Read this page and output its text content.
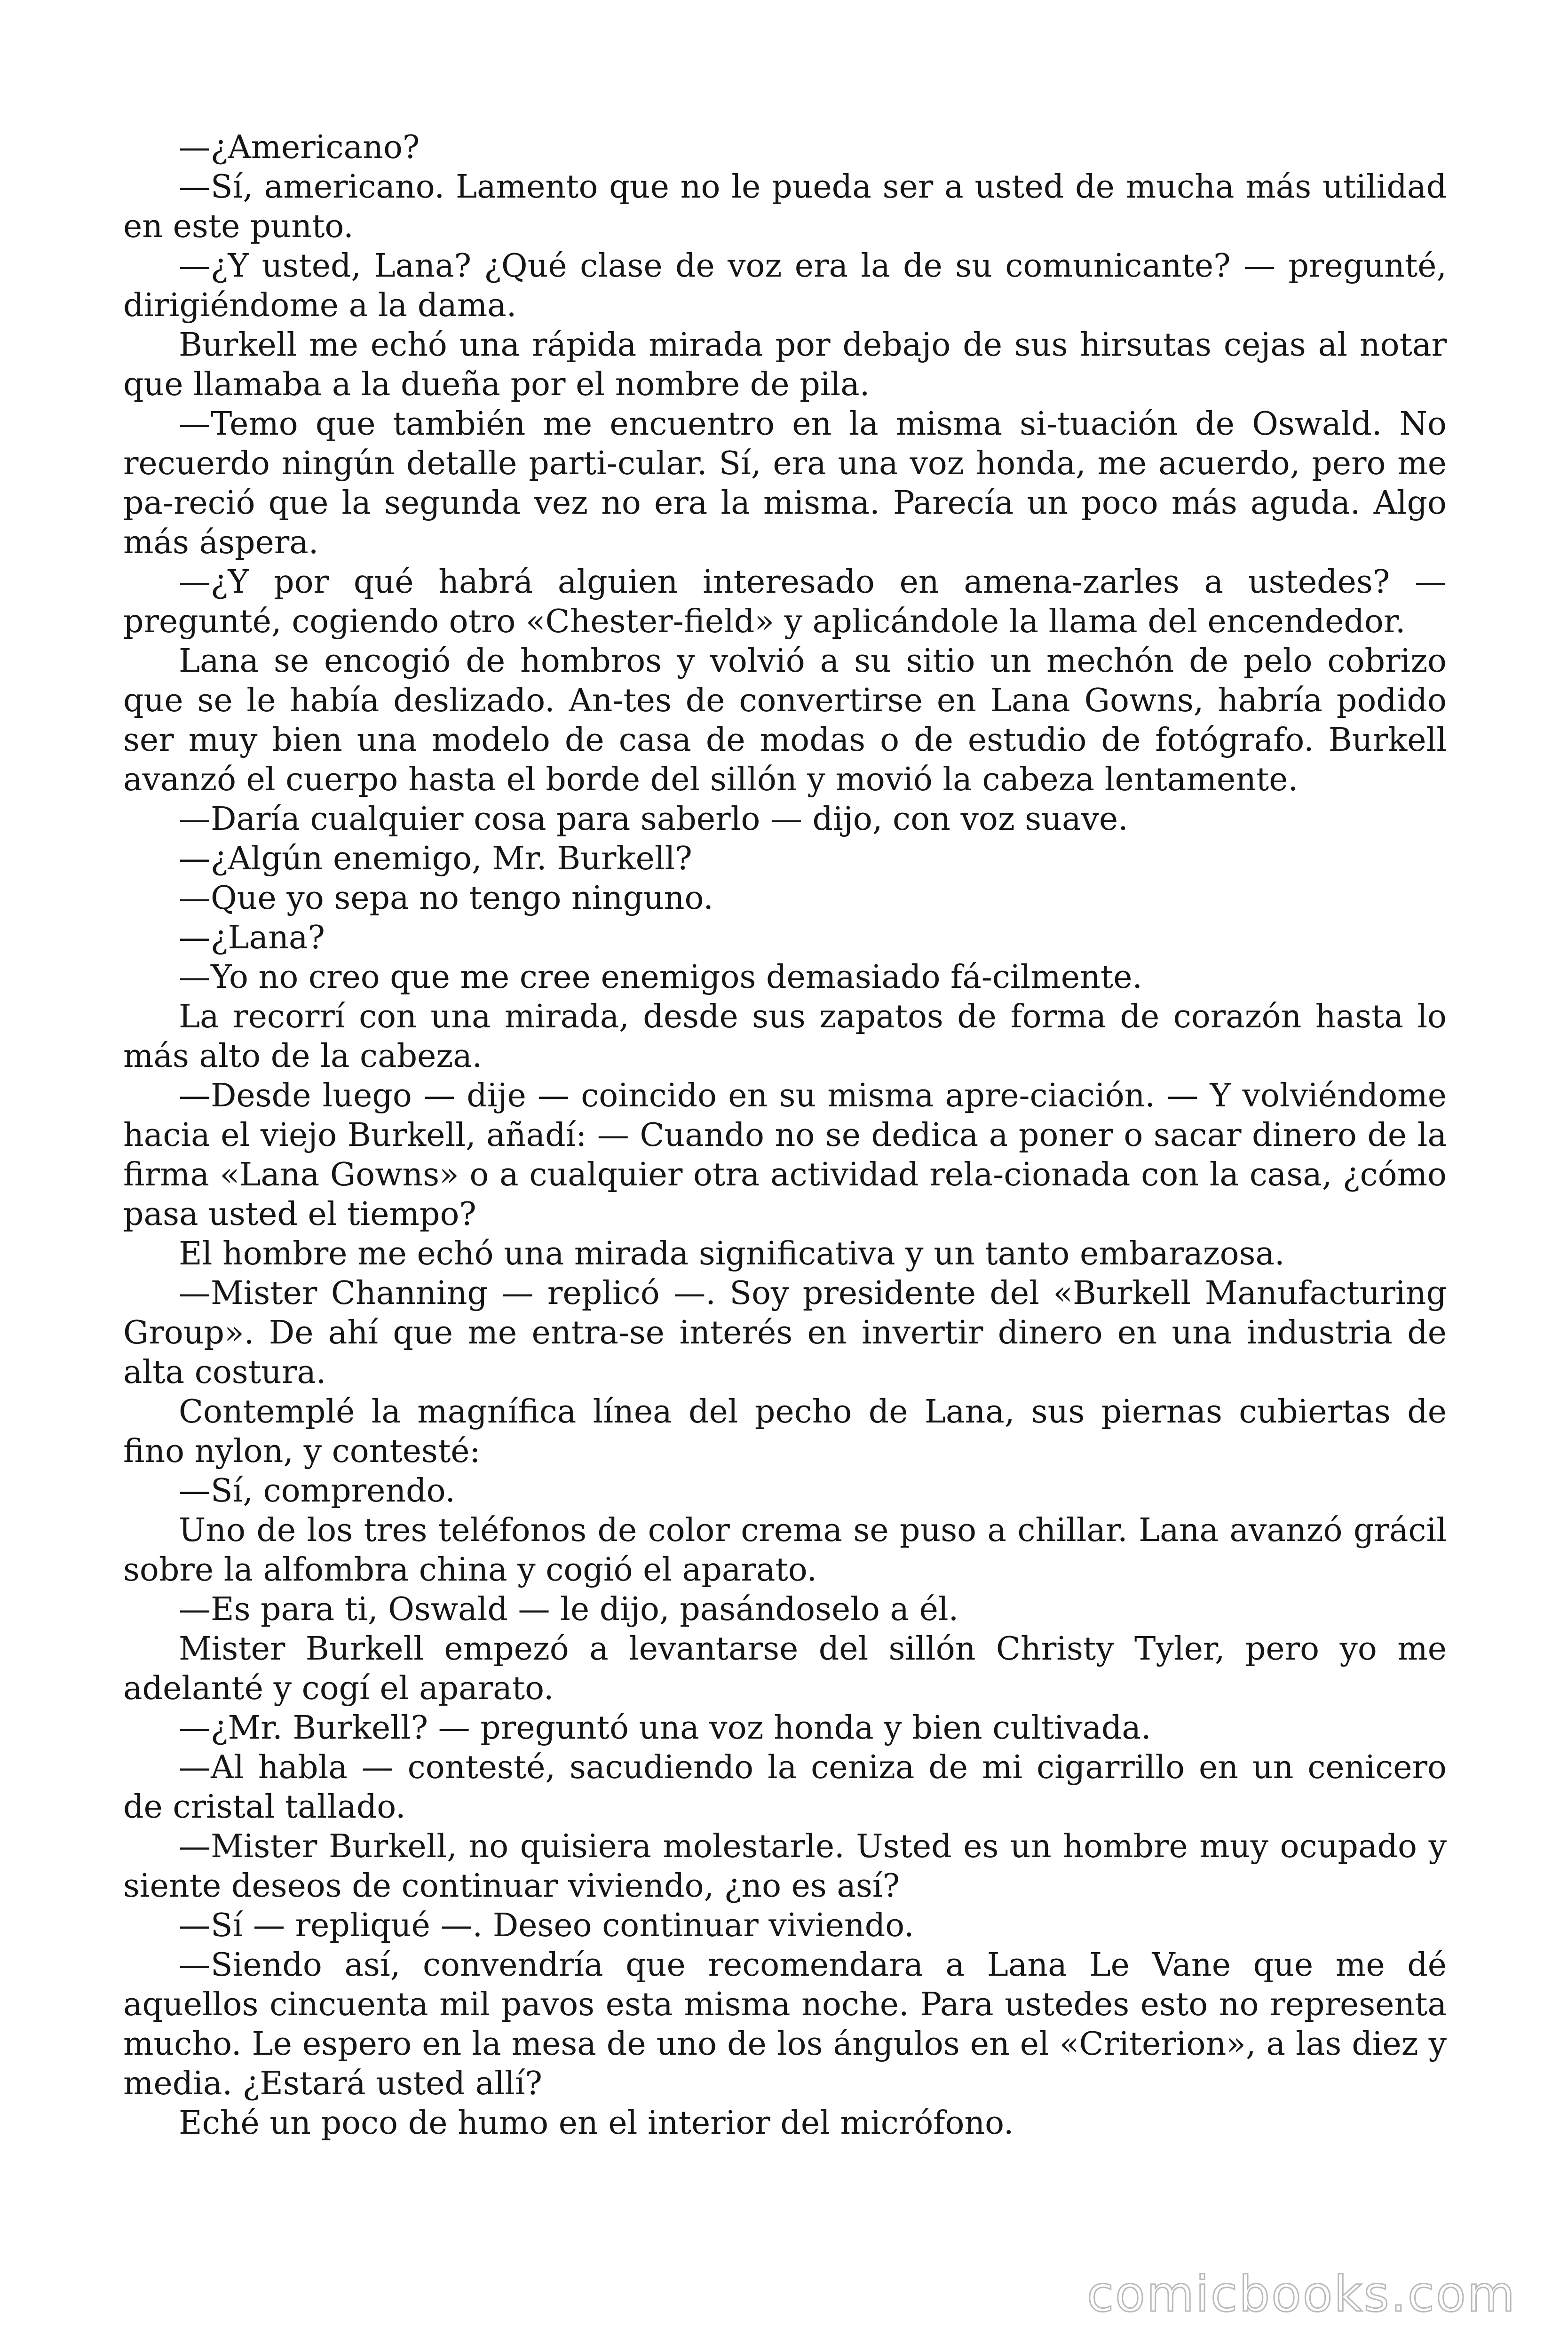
—¿Americano?

—Sí, americano. Lamento que no le pueda ser a usted de mucha más utilidad en este punto.

—¿Y usted, Lana? ¿Qué clase de voz era la de su comunicante? — pregunté, dirigiéndome a la dama.

Burkell me echó una rápida mirada por debajo de sus hirsutas cejas al notar que llamaba a la dueña por el nombre de pila.

—Temo que también me encuentro en la misma si-tuación de Oswald. No recuerdo ningún detalle parti-cular. Sí, era una voz honda, me acuerdo, pero me pa-reció que la segunda vez no era la misma. Parecía un poco más aguda. Algo más áspera.

—¿Y por qué habrá alguien interesado en amena-zarles a ustedes? — pregunté, cogiendo otro «Chester-field» y aplicándole la llama del encendedor.

Lana se encogió de hombros y volvió a su sitio un mechón de pelo cobrizo que se le había deslizado. An-tes de convertirse en Lana Gowns, habría podido ser muy bien una modelo de casa de modas o de estudio de fotógrafo. Burkell avanzó el cuerpo hasta el borde del sillón y movió la cabeza lentamente.

—Daría cualquier cosa para saberlo — dijo, con voz suave.

—¿Algún enemigo, Mr. Burkell?

—Que yo sepa no tengo ninguno.

—¿Lana?

—Yo no creo que me cree enemigos demasiado fá-cilmente.

La recorrí con una mirada, desde sus zapatos de forma de corazón hasta lo más alto de la cabeza.

—Desde luego — dije — coincido en su misma apre-ciación. — Y volviéndome hacia el viejo Burkell, añadí: — Cuando no se dedica a poner o sacar dinero de la firma «Lana Gowns» o a cualquier otra actividad rela-cionada con la casa, ¿cómo pasa usted el tiempo?

El hombre me echó una mirada significativa y un tanto embarazosa.

—Mister Channing — replicó —. Soy presidente del «Burkell Manufacturing Group». De ahí que me entra-se interés en invertir dinero en una industria de alta costura.

Contemplé la magnífica línea del pecho de Lana, sus piernas cubiertas de fino nylon, y contesté:

—Sí, comprendo.

Uno de los tres teléfonos de color crema se puso a chillar. Lana avanzó grácil sobre la alfombra china y cogió el aparato.

—Es para ti, Oswald — le dijo, pasándoselo a él.

Mister Burkell empezó a levantarse del sillón Christy Tyler, pero yo me adelanté y cogí el aparato.

—¿Mr. Burkell? — preguntó una voz honda y bien cultivada.

—Al habla — contesté, sacudiendo la ceniza de mi cigarrillo en un cenicero de cristal tallado.

—Mister Burkell, no quisiera molestarle. Usted es un hombre muy ocupado y siente deseos de continuar viviendo, ¿no es así?

—Sí — repliqué —. Deseo continuar viviendo.

—Siendo así, convendría que recomendara a Lana Le Vane que me dé aquellos cincuenta mil pavos esta misma noche. Para ustedes esto no representa mucho. Le espero en la mesa de uno de los ángulos en el «Criterion», a las diez y media. ¿Estará usted allí?

Eché un poco de humo en el interior del micrófono.

comicbooks.com
